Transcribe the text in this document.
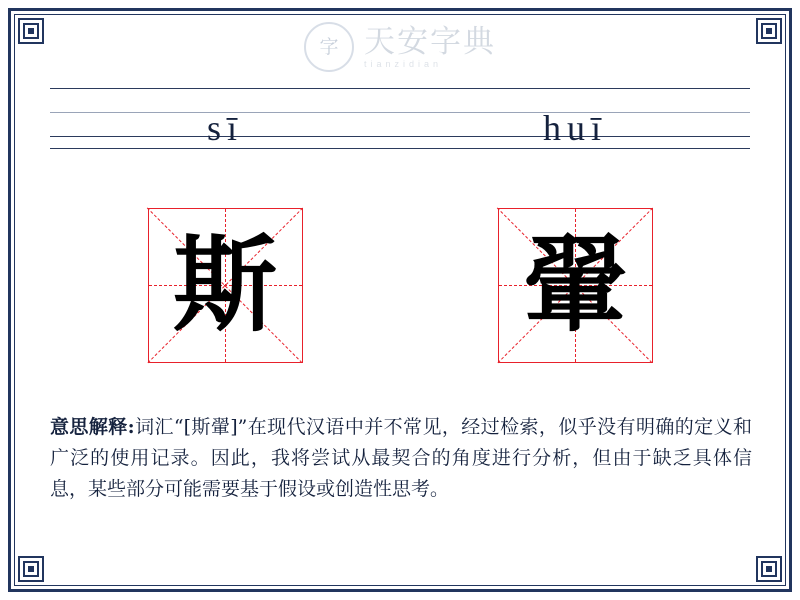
字 天安字典
tianzidian
sī	huī
斯 翬
意思解释:词汇“[斯翬]”在现代汉语中并不常见，经过检索，似乎没有明确的定义和广泛的使用记录。因此，我将尝试从最契合的角度进行分析，但由于缺乏具体信息，某些部分可能需要基于假设或创造性思考。
